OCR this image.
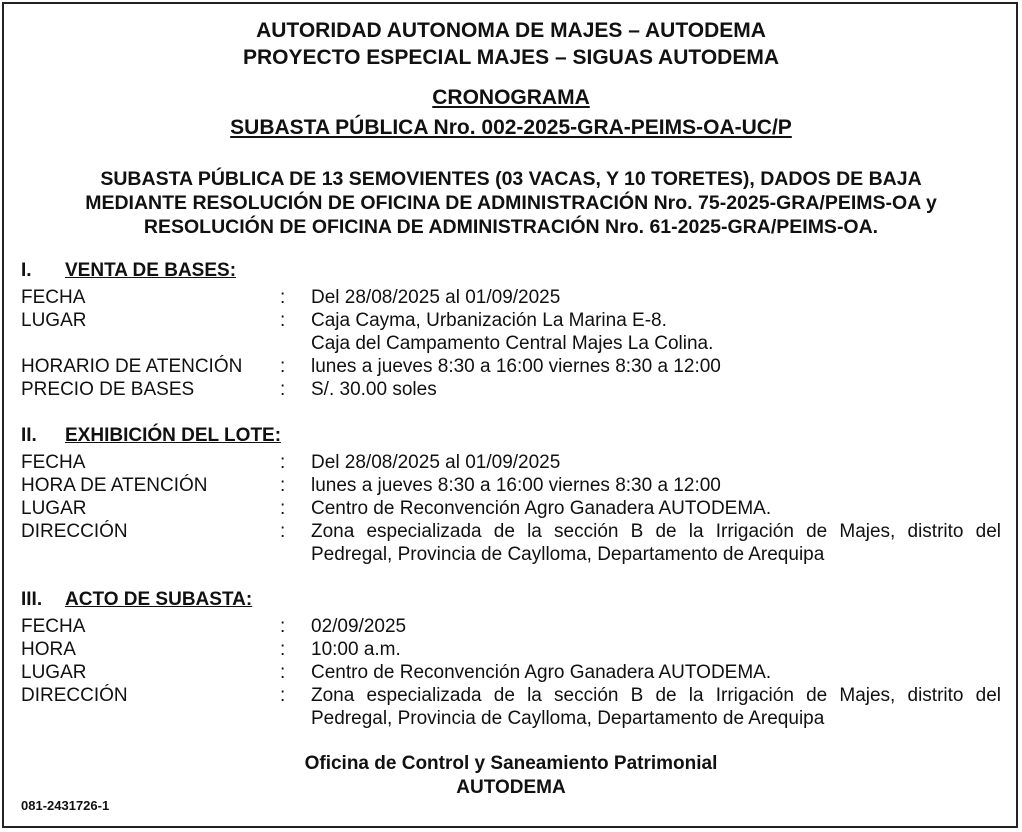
AUTORIDAD AUTONOMA DE MAJES – AUTODEMA
PROYECTO ESPECIAL MAJES – SIGUAS AUTODEMA
CRONOGRAMA
SUBASTA PÚBLICA Nro. 002-2025-GRA-PEIMS-OA-UC/P
SUBASTA PÚBLICA DE 13 SEMOVIENTES (03 VACAS, Y 10 TORETES), DADOS DE BAJA
MEDIANTE RESOLUCIÓN DE OFICINA DE ADMINISTRACIÓN Nro. 75-2025-GRA/PEIMS-OA y
RESOLUCIÓN DE OFICINA DE ADMINISTRACIÓN Nro. 61-2025-GRA/PEIMS-OA.
I. VENTA DE BASES:
FECHA	: Del 28/08/2025 al 01/09/2025
LUGAR	: Caja Cayma, Urbanización La Marina E-8.
Caja del Campamento Central Majes La Colina.
HORARIO DE ATENCIÓN : lunes a jueves 8:30 a 16:00 viernes 8:30 a 12:00
PRECIO DE BASES	: S/. 30.00 soles
II. EXHIBICIÓN DEL LOTE:
FECHA	: Del 28/08/2025 al 01/09/2025
HORA DE ATENCIÓN	: lunes a jueves 8:30 a 16:00 viernes 8:30 a 12:00
LUGAR	: Centro de Reconvención Agro Ganadera AUTODEMA.
DIRECCIÓN	: Zona especializada de la sección B de la Irrigación de Majes, distrito del Pedregal, Provincia de Caylloma, Departamento de Arequipa
III. ACTO DE SUBASTA:
FECHA	: 02/09/2025
HORA	: 10:00 a.m.
LUGAR	: Centro de Reconvención Agro Ganadera AUTODEMA.
DIRECCIÓN	: Zona especializada de la sección B de la Irrigación de Majes, distrito del Pedregal, Provincia de Caylloma, Departamento de Arequipa
Oficina de Control y Saneamiento Patrimonial
AUTODEMA
081-2431726-1
